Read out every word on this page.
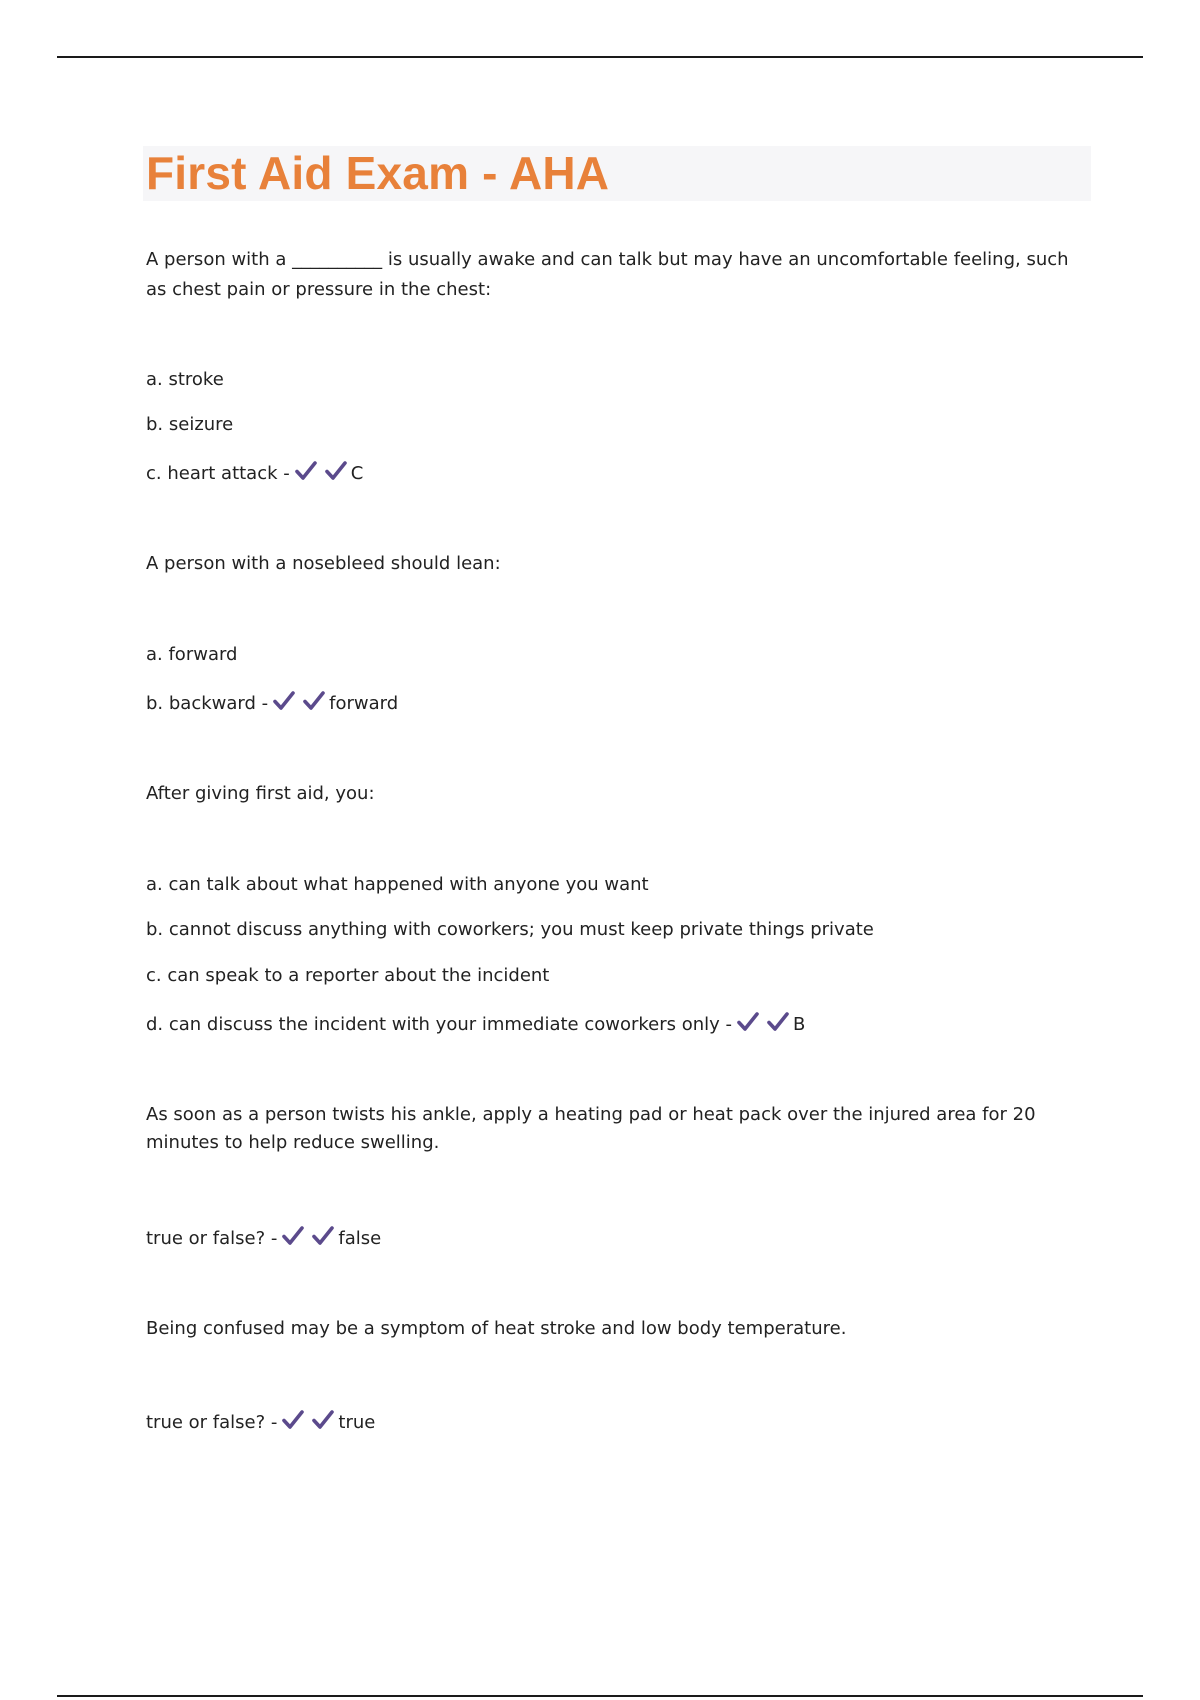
First Aid Exam - AHA
A person with a __________ is usually awake and can talk but may have an uncomfortable feeling, such
as chest pain or pressure in the chest:
a. stroke
b. seizure
c. heart attack -	C
A person with a nosebleed should lean:
a. forward
b. backward -	forward
After giving first aid, you:
a. can talk about what happened with anyone you want
b. cannot discuss anything with coworkers; you must keep private things private
c. can speak to a reporter about the incident
d. can discuss the incident with your immediate coworkers only -	B
As soon as a person twists his ankle, apply a heating pad or heat pack over the injured area for 20
minutes to help reduce swelling.
true or false? -	false
Being confused may be a symptom of heat stroke and low body temperature.
true or false? -	true
